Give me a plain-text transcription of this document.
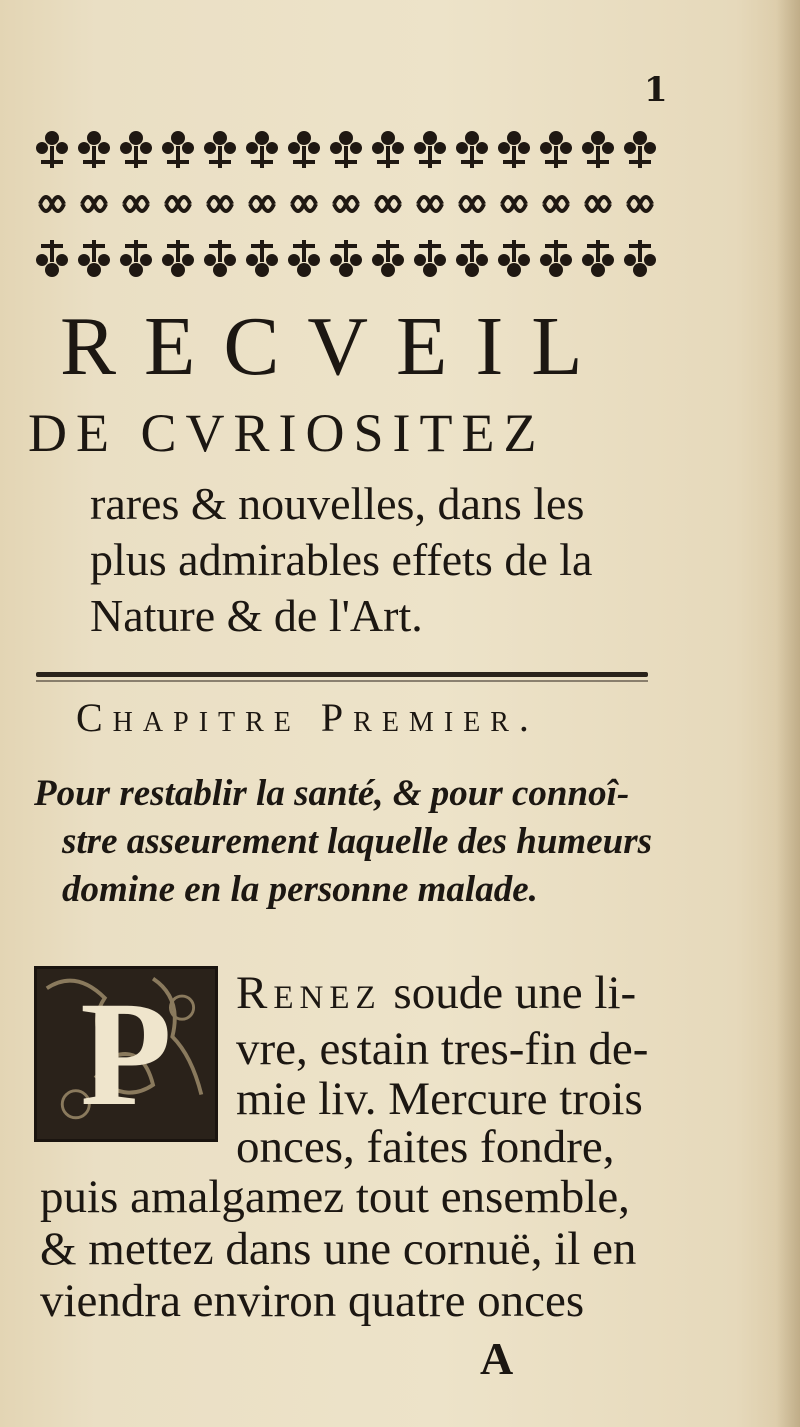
1
RECVEIL
DE CVRIOSITEZ
rares & nouvelles, dans les
plus admirables effets de la
Nature & de l'Art.
Chapitre Premier.
Pour restablir la santé, & pour connoî-
stre asseurement laquelle des humeurs
domine en la personne malade.
P	Renez soude une li-
vre, estain tres-fin de-
mie liv. Mercure trois
onces, faites fondre,
puis amalgamez tout ensemble,
& mettez dans une cornuë, il en
viendra environ quatre onces
A
